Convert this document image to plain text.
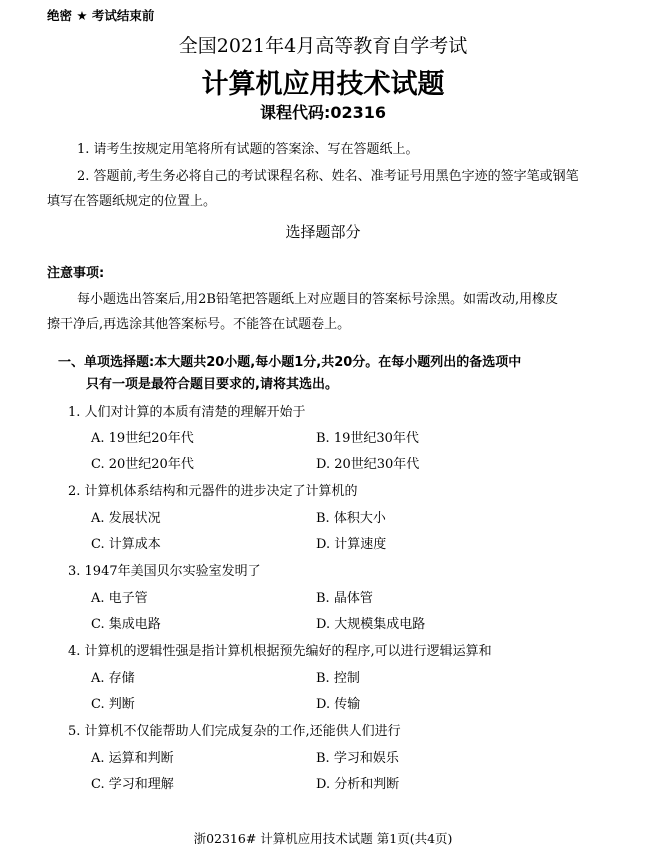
绝密 ★ 考试结束前
全国2021年4月高等教育自学考试
计算机应用技术试题
课程代码:02316
1. 请考生按规定用笔将所有试题的答案涂、写在答题纸上。
2. 答题前,考生务必将自己的考试课程名称、姓名、准考证号用黑色字迹的签字笔或钢笔
填写在答题纸规定的位置上。
选择题部分
注意事项:
每小题选出答案后,用2B铅笔把答题纸上对应题目的答案标号涂黑。如需改动,用橡皮
擦干净后,再选涂其他答案标号。不能答在试题卷上。
一、单项选择题:本大题共20小题,每小题1分,共20分。在每小题列出的备选项中
只有一项是最符合题目要求的,请将其选出。
1. 人们对计算的本质有清楚的理解开始于
A. 19世纪20年代	B. 19世纪30年代
C. 20世纪20年代	D. 20世纪30年代
2. 计算机体系结构和元器件的进步决定了计算机的
A. 发展状况	B. 体积大小
C. 计算成本	D. 计算速度
3. 1947年美国贝尔实验室发明了
A. 电子管	B. 晶体管
C. 集成电路	D. 大规模集成电路
4. 计算机的逻辑性强是指计算机根据预先编好的程序,可以进行逻辑运算和
A. 存储	B. 控制
C. 判断	D. 传输
5. 计算机不仅能帮助人们完成复杂的工作,还能供人们进行
A. 运算和判断	B. 学习和娱乐
C. 学习和理解	D. 分析和判断
浙02316# 计算机应用技术试题 第1页(共4页)
